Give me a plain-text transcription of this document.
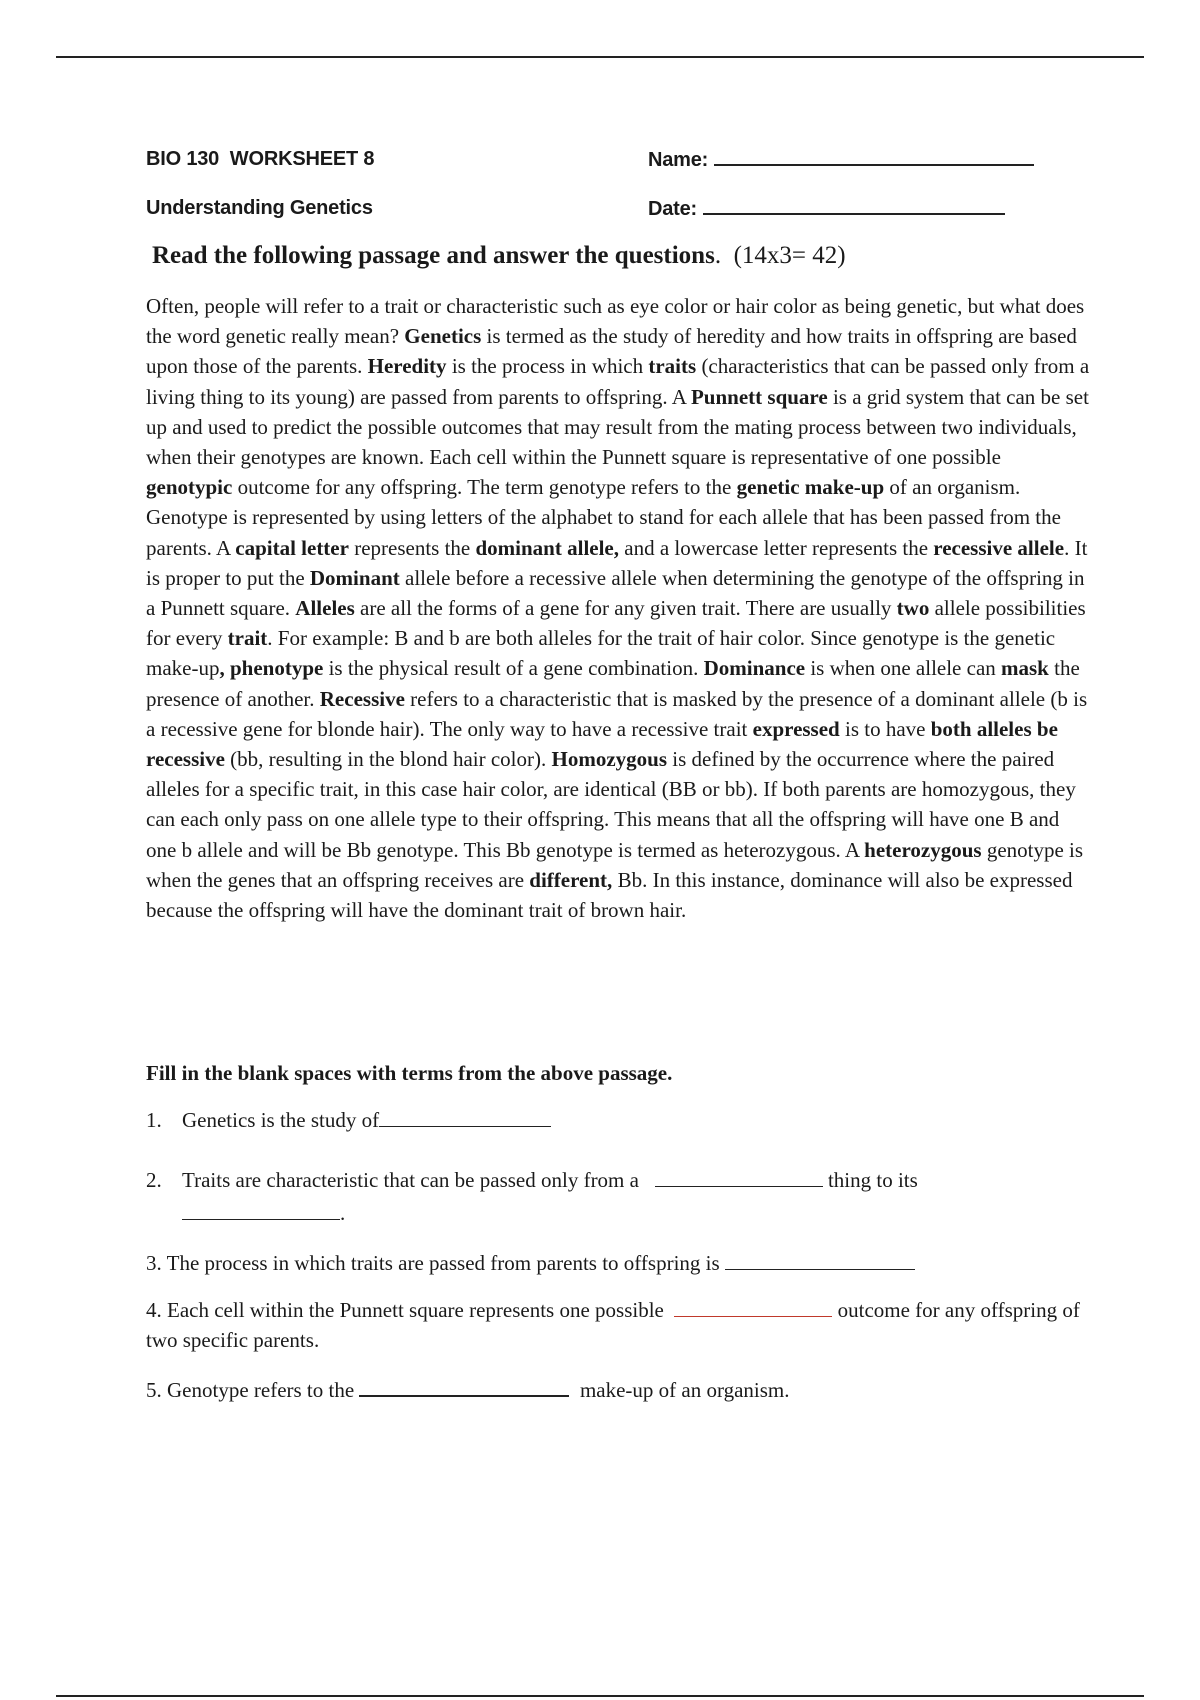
BIO 130  WORKSHEET 8	Name:
Understanding Genetics	Date:
Read the following passage and answer the questions. (14x3= 42)
Often, people will refer to a trait or characteristic such as eye color or hair color as being genetic, but what does the word genetic really mean? Genetics is termed as the study of heredity and how traits in offspring are based upon those of the parents. Heredity is the process in which traits (characteristics that can be passed only from a living thing to its young) are passed from parents to offspring. A Punnett square is a grid system that can be set up and used to predict the possible outcomes that may result from the mating process between two individuals, when their genotypes are known. Each cell within the Punnett square is representative of one possible genotypic outcome for any offspring. The term genotype refers to the genetic make-up of an organism. Genotype is represented by using letters of the alphabet to stand for each allele that has been passed from the parents. A capital letter represents the dominant allele, and a lowercase letter represents the recessive allele. It is proper to put the Dominant allele before a recessive allele when determining the genotype of the offspring in a Punnett square. Alleles are all the forms of a gene for any given trait. There are usually two allele possibilities for every trait. For example: B and b are both alleles for the trait of hair color. Since genotype is the genetic make-up, phenotype is the physical result of a gene combination. Dominance is when one allele can mask the presence of another. Recessive refers to a characteristic that is masked by the presence of a dominant allele (b is a recessive gene for blonde hair). The only way to have a recessive trait expressed is to have both alleles be recessive (bb, resulting in the blond hair color). Homozygous is defined by the occurrence where the paired alleles for a specific trait, in this case hair color, are identical (BB or bb). If both parents are homozygous, they can each only pass on one allele type to their offspring. This means that all the offspring will have one B and one b allele and will be Bb genotype. This Bb genotype is termed as heterozygous. A heterozygous genotype is when the genes that an offspring receives are different, Bb. In this instance, dominance will also be expressed because the offspring will have the dominant trait of brown hair.
Fill in the blank spaces with terms from the above passage.
1. Genetics is the study of
2. Traits are characteristic that can be passed only from a	thing to its
.
3. The process in which traits are passed from parents to offspring is
4. Each cell within the Punnett square represents one possible	outcome for any offspring of two specific parents.
5. Genotype refers to the	make-up of an organism.
